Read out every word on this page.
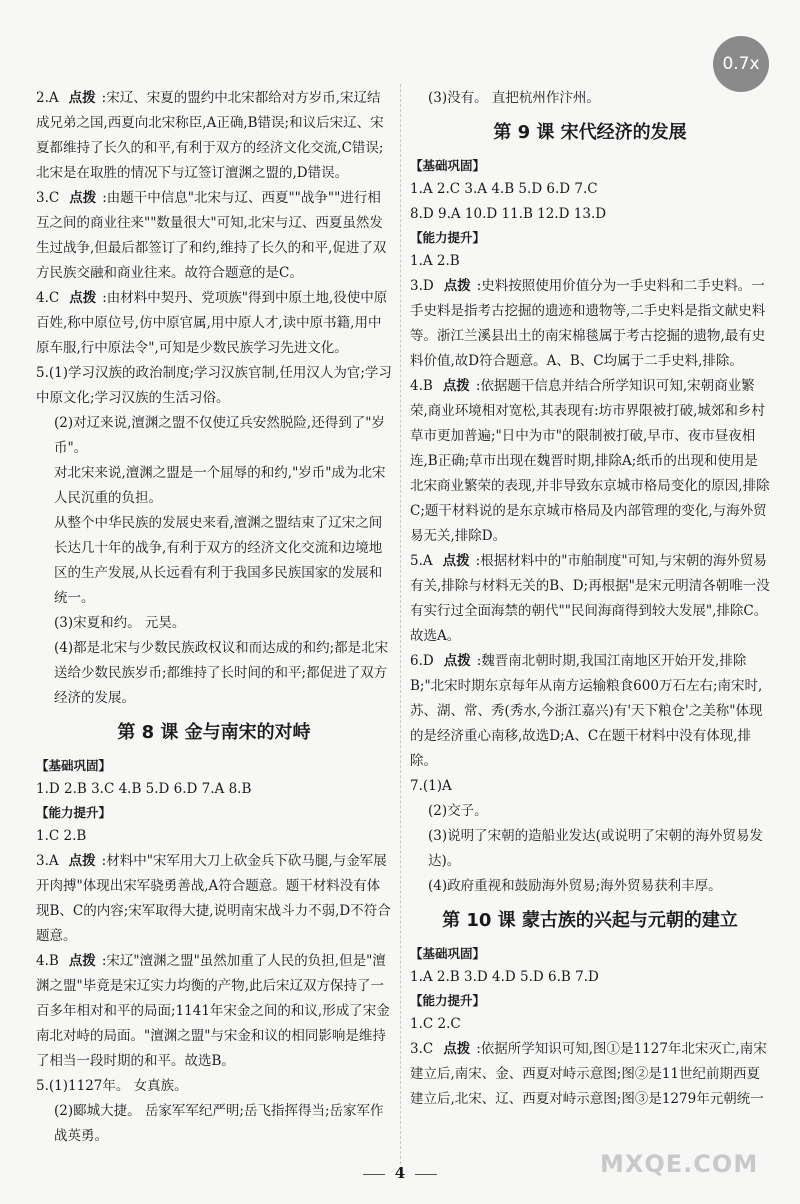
0.7x

2.A 点拨 :宋辽、宋夏的盟约中北宋都给对方岁币,宋辽结成兄弟之国,西夏向北宋称臣,A正确,B错误;和议后宋辽、宋夏都维持了长久的和平,有利于双方的经济文化交流,C错误;北宋是在取胜的情况下与辽签订澶渊之盟的,D错误。

3.C 点拨 :由题干中信息"北宋与辽、西夏""战争""进行相互之间的商业往来""数量很大"可知,北宋与辽、西夏虽然发生过战争,但最后都签订了和约,维持了长久的和平,促进了双方民族交融和商业往来。故符合题意的是C。

4.C 点拨 :由材料中契丹、党项族"得到中原土地,役使中原百姓,称中原位号,仿中原官属,用中原人才,读中原书籍,用中原车服,行中原法令",可知是少数民族学习先进文化。

5.(1)学习汉族的政治制度;学习汉族官制,任用汉人为官;学习中原文化;学习汉族的生活习俗。

(2)对辽来说,澶渊之盟不仅使辽兵安然脱险,还得到了"岁币"。

对北宋来说,澶渊之盟是一个屈辱的和约,"岁币"成为北宋人民沉重的负担。

从整个中华民族的发展史来看,澶渊之盟结束了辽宋之间长达几十年的战争,有利于双方的经济文化交流和边境地区的生产发展,从长远看有利于我国多民族国家的发展和统一。

(3)宋夏和约。 元昊。

(4)都是北宋与少数民族政权议和而达成的和约;都是北宋送给少数民族岁币;都维持了长时间的和平;都促进了双方经济的发展。

第 8 课 金与南宋的对峙
【基础巩固】

1.D 2.B 3.C 4.B 5.D 6.D 7.A 8.B

【能力提升】

1.C 2.B

3.A 点拨 :材料中"宋军用大刀上砍金兵下砍马腿,与金军展开肉搏"体现出宋军骁勇善战,A符合题意。题干材料没有体现B、C的内容;宋军取得大捷,说明南宋战斗力不弱,D不符合题意。

4.B 点拨 :宋辽"澶渊之盟"虽然加重了人民的负担,但是"澶渊之盟"毕竟是宋辽实力均衡的产物,此后宋辽双方保持了一百多年相对和平的局面;1141年宋金之间的和议,形成了宋金南北对峙的局面。"澶渊之盟"与宋金和议的相同影响是维持了相当一段时期的和平。故选B。

5.(1)1127年。 女真族。

(2)郾城大捷。 岳家军军纪严明;岳飞指挥得当;岳家军作战英勇。

(3)没有。 直把杭州作汴州。

第 9 课 宋代经济的发展
【基础巩固】

1.A 2.C 3.A 4.B 5.D 6.D 7.C

8.D 9.A 10.D 11.B 12.D 13.D

【能力提升】

1.A 2.B

3.D 点拨 :史料按照使用价值分为一手史料和二手史料。一手史料是指考古挖掘的遗迹和遗物等,二手史料是指文献史料等。浙江兰溪县出土的南宋棉毯属于考古挖掘的遗物,最有史料价值,故D符合题意。A、B、C均属于二手史料,排除。

4.B 点拨 :依据题干信息并结合所学知识可知,宋朝商业繁荣,商业环境相对宽松,其表现有:坊市界限被打破,城郊和乡村草市更加普遍;"日中为市"的限制被打破,早市、夜市昼夜相连,B正确;草市出现在魏晋时期,排除A;纸币的出现和使用是北宋商业繁荣的表现,并非导致东京城市格局变化的原因,排除C;题干材料说的是东京城市格局及内部管理的变化,与海外贸易无关,排除D。

5.A 点拨 :根据材料中的"市舶制度"可知,与宋朝的海外贸易有关,排除与材料无关的B、D;再根据"是宋元明清各朝唯一没有实行过全面海禁的朝代""民间海商得到较大发展",排除C。故选A。

6.D 点拨 :魏晋南北朝时期,我国江南地区开始开发,排除B;"北宋时期东京每年从南方运输粮食600万石左右;南宋时,苏、湖、常、秀(秀水,今浙江嘉兴)有'天下粮仓'之美称"体现的是经济重心南移,故选D;A、C在题干材料中没有体现,排除。

7.(1)A

(2)交子。

(3)说明了宋朝的造船业发达(或说明了宋朝的海外贸易发达)。

(4)政府重视和鼓励海外贸易;海外贸易获利丰厚。

第 10 课 蒙古族的兴起与元朝的建立
【基础巩固】

1.A 2.B 3.D 4.D 5.D 6.B 7.D

【能力提升】

1.C 2.C

3.C 点拨 :依据所学知识可知,图①是1127年北宋灭亡,南宋建立后,南宋、金、西夏对峙示意图;图②是11世纪前期西夏建立后,北宋、辽、西夏对峙示意图;图③是1279年元朝统一

4	MXQE.COM
